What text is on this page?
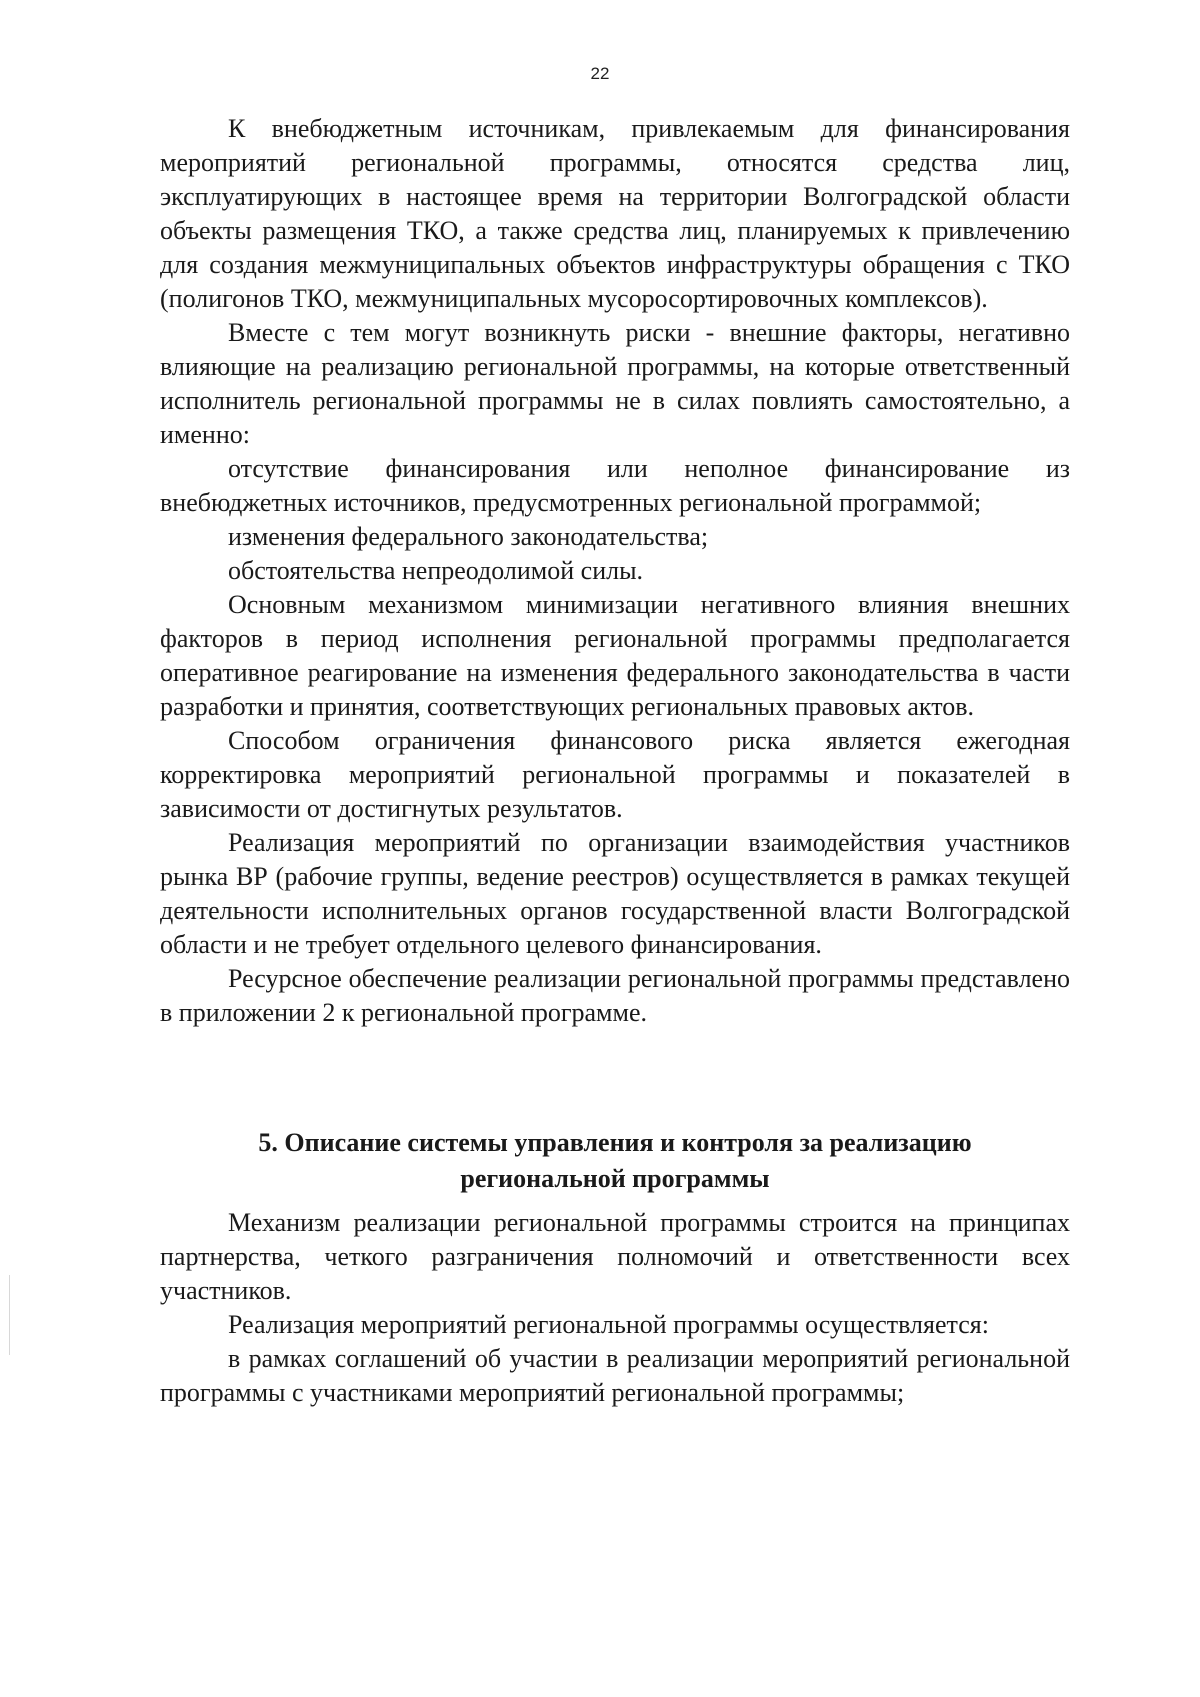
22

К внебюджетным источникам, привлекаемым для финансирования мероприятий региональной программы, относятся средства лиц, эксплуатирующих в настоящее время на территории Волгоградской области объекты размещения ТКО, а также средства лиц, планируемых к привлечению для создания межмуниципальных объектов инфраструктуры обращения с ТКО (полигонов ТКО, межмуниципальных мусоросортировочных комплексов).

Вместе с тем могут возникнуть риски - внешние факторы, негативно влияющие на реализацию региональной программы, на которые ответственный исполнитель региональной программы не в силах повлиять самостоятельно, а именно:

отсутствие финансирования или неполное финансирование из внебюджетных источников, предусмотренных региональной программой;

изменения федерального законодательства;

обстоятельства непреодолимой силы.

Основным механизмом минимизации негативного влияния внешних факторов в период исполнения региональной программы предполагается оперативное реагирование на изменения федерального законодательства в части разработки и принятия, соответствующих региональных правовых актов.

Способом ограничения финансового риска является ежегодная корректировка мероприятий региональной программы и показателей в зависимости от достигнутых результатов.

Реализация мероприятий по организации взаимодействия участников рынка ВР (рабочие группы, ведение реестров) осуществляется в рамках текущей деятельности исполнительных органов государственной власти Волгоградской области и не требует отдельного целевого финансирования.

Ресурсное обеспечение реализации региональной программы представлено в приложении 2 к региональной программе.

5. Описание системы управления и контроля за реализацию
региональной программы

Механизм реализации региональной программы строится на принципах партнерства, четкого разграничения полномочий и ответственности всех участников.

Реализация мероприятий региональной программы осуществляется:

в рамках соглашений об участии в реализации мероприятий региональной программы с участниками мероприятий региональной программы;
